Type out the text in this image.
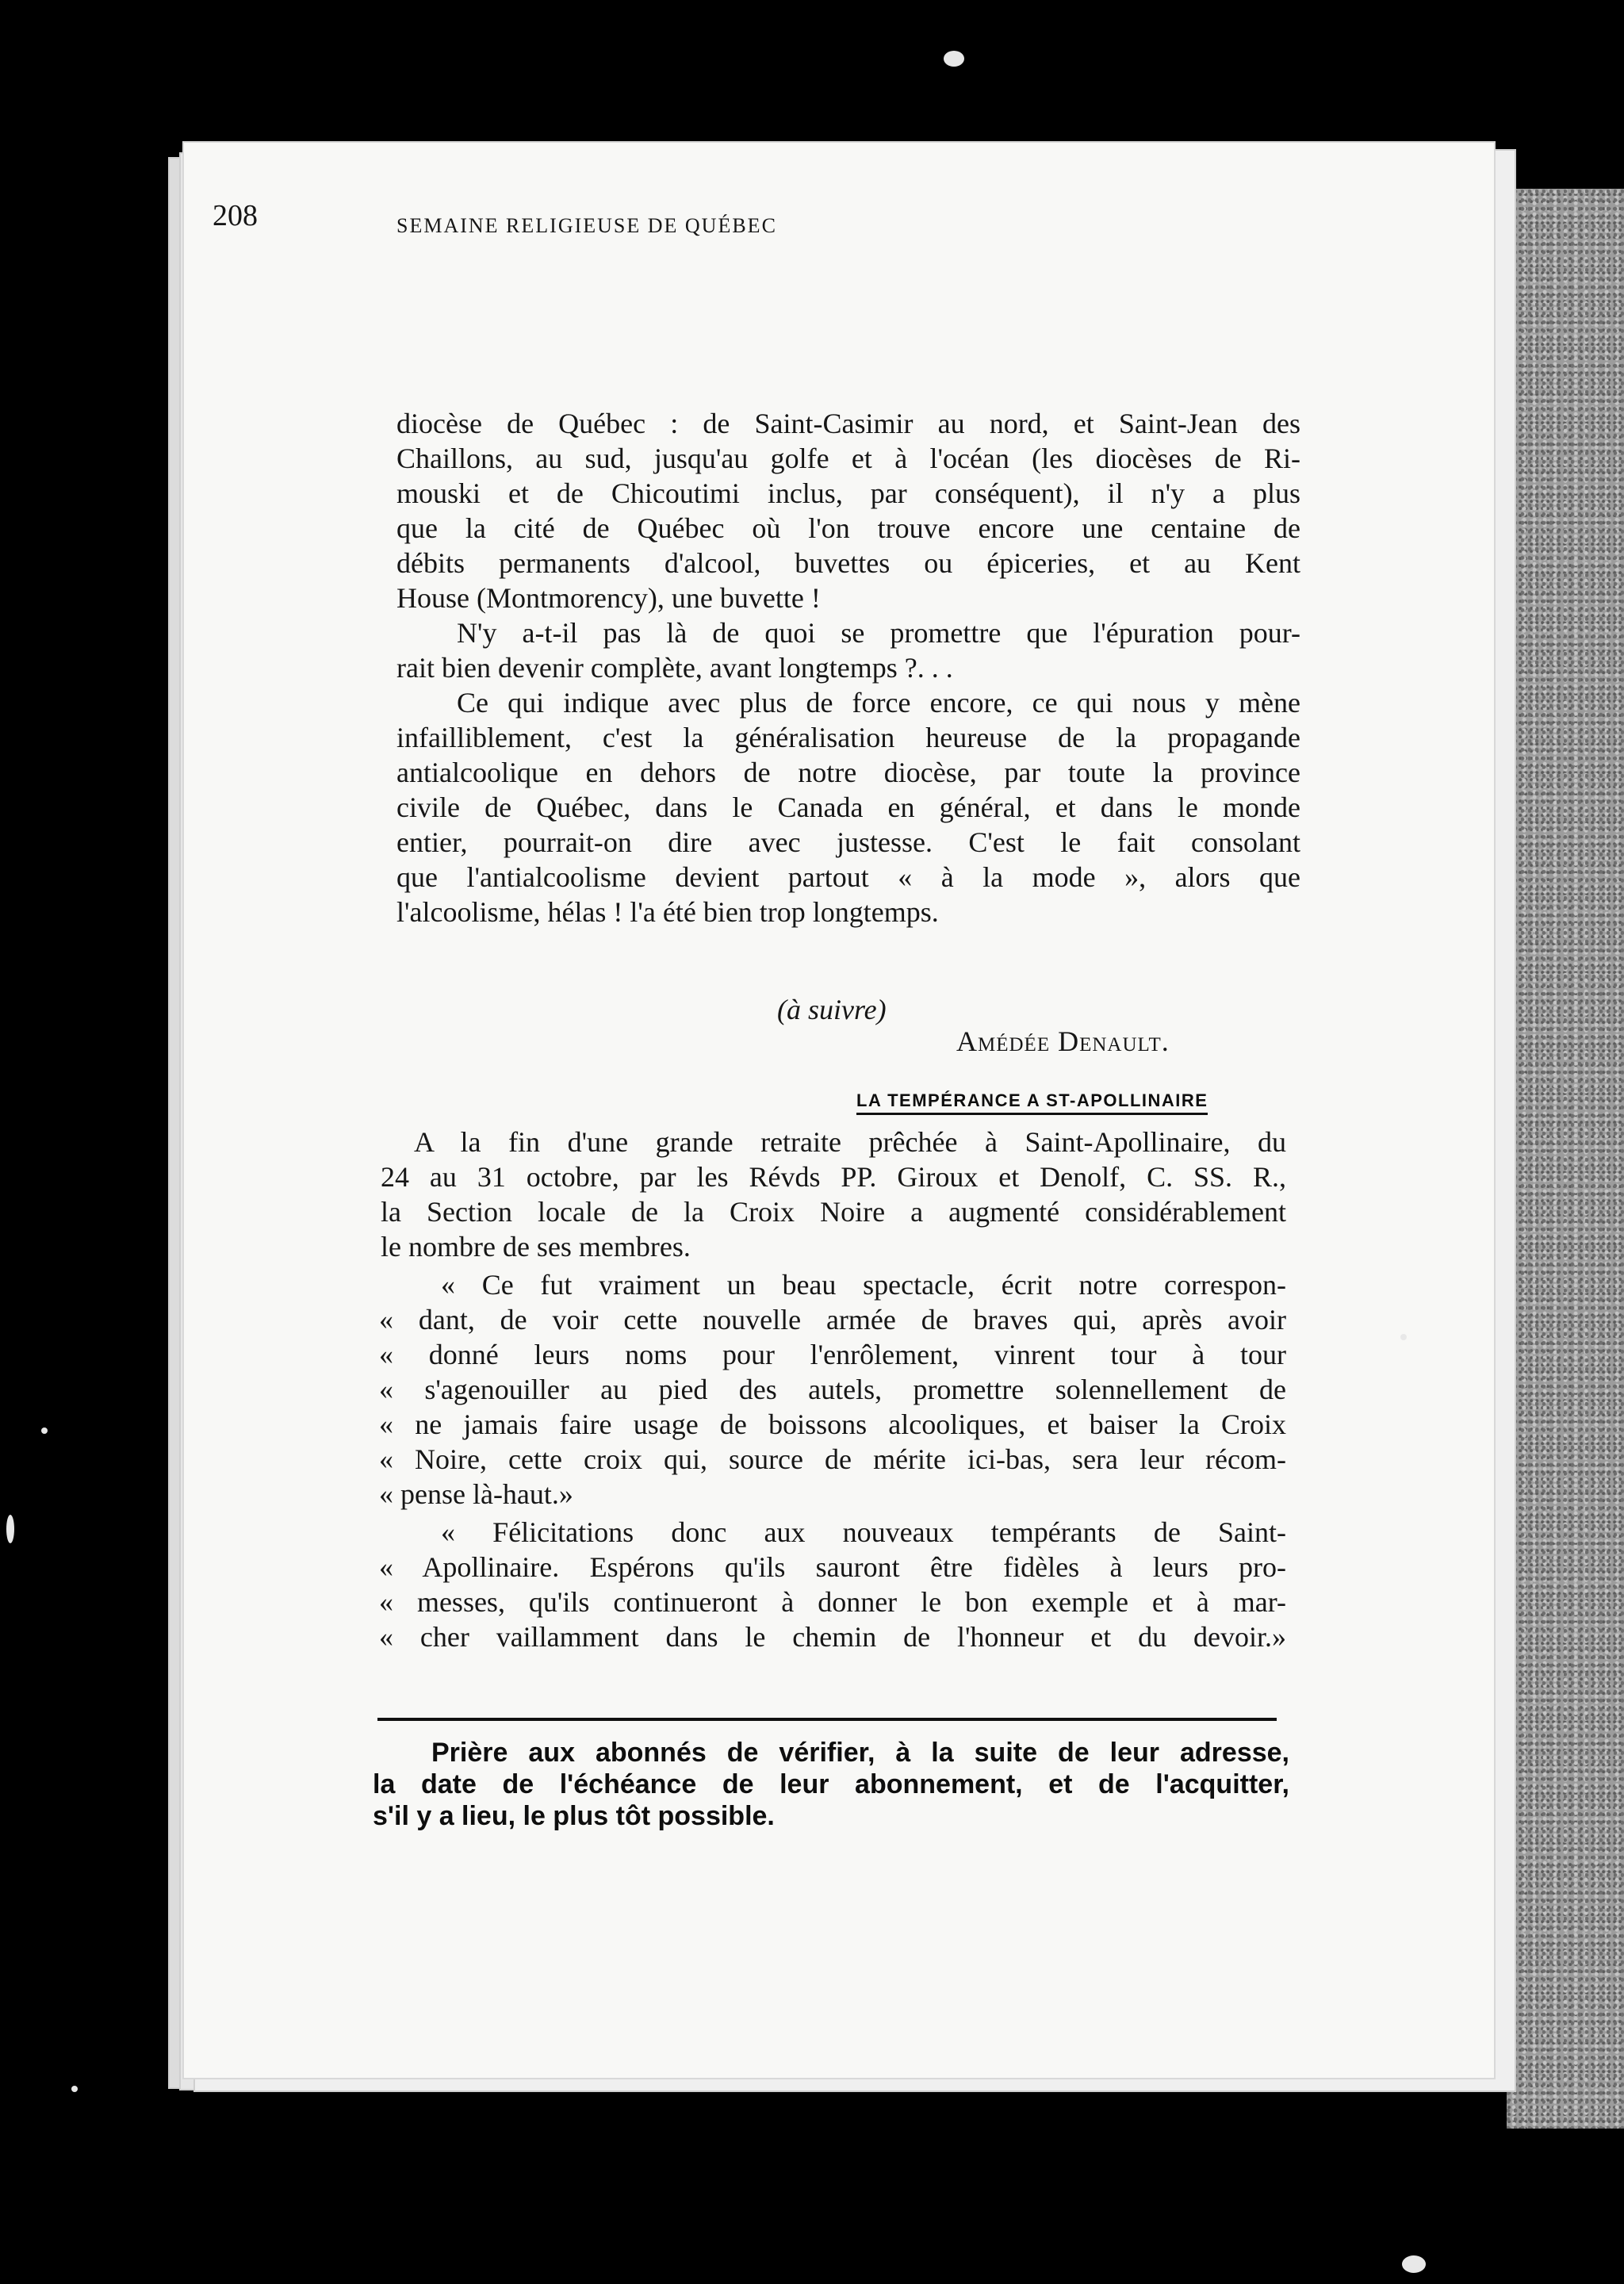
208	SEMAINE RELIGIEUSE DE QUÉBEC
diocèse de Québec : de Saint-Casimir au nord, et Saint-Jean des
Chaillons, au sud, jusqu'au golfe et à l'océan (les diocèses de Ri-
mouski et de Chicoutimi inclus, par conséquent), il n'y a plus
que la cité de Québec où l'on trouve encore une centaine de
débits permanents d'alcool, buvettes ou épiceries, et au Kent
House (Montmorency), une buvette !
N'y a-t-il pas là de quoi se promettre que l'épuration pour-
rait bien devenir complète, avant longtemps ?. . .
Ce qui indique avec plus de force encore, ce qui nous y mène
infailliblement, c'est la généralisation heureuse de la propagande
antialcoolique en dehors de notre diocèse, par toute la province
civile de Québec, dans le Canada en général, et dans le monde
entier, pourrait-on dire avec justesse. C'est le fait consolant
que l'antialcoolisme devient partout « à la mode », alors que
l'alcoolisme, hélas ! l'a été bien trop longtemps.
(à suivre)
Amédée Denault.
LA TEMPÉRANCE A ST-APOLLINAIRE
A la fin d'une grande retraite prêchée à Saint-Apollinaire, du
24 au 31 octobre, par les Révds PP. Giroux et Denolf, C. SS. R.,
la Section locale de la Croix Noire a augmenté considérablement
le nombre de ses membres.
« Ce fut vraiment un beau spectacle, écrit notre correspon-
« dant, de voir cette nouvelle armée de braves qui, après avoir
« donné leurs noms pour l'enrôlement, vinrent tour à tour
« s'agenouiller au pied des autels, promettre solennellement de
« ne jamais faire usage de boissons alcooliques, et baiser la Croix
« Noire, cette croix qui, source de mérite ici-bas, sera leur récom-
« pense là-haut.»
« Félicitations donc aux nouveaux tempérants de Saint-
« Apollinaire. Espérons qu'ils sauront être fidèles à leurs pro-
« messes, qu'ils continueront à donner le bon exemple et à mar-
« cher vaillamment dans le chemin de l'honneur et du devoir.»
Prière aux abonnés de vérifier, à la suite de leur adresse,
la date de l'échéance de leur abonnement, et de l'acquitter,
s'il y a lieu, le plus tôt possible.
